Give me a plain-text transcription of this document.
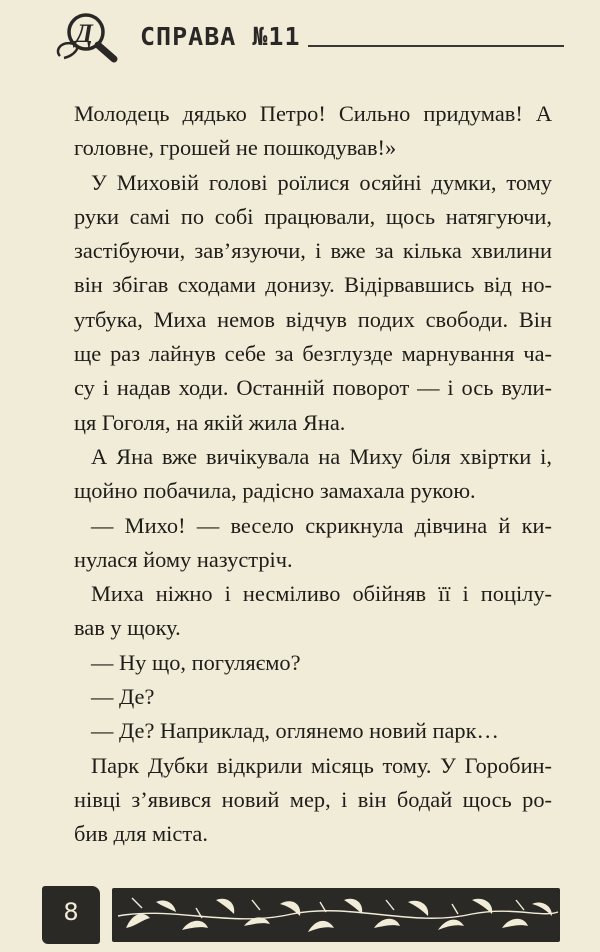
Д СПРАВА №11
Молодець дядько Петро! Сильно придумав! А
головне, грошей не пошкодував!»
У Миховій голові роїлися осяйні думки, тому
руки самі по собі працювали, щось натягуючи,
застібуючи, зав’язуючи, і вже за кілька хвилини
він збігав сходами донизу. Відірвавшись від но-
утбука, Миха немов відчув подих свободи. Він
ще раз лайнув себе за безглузде марнування ча-
су і надав ходи. Останній поворот — і ось вули-
ця Гоголя, на якій жила Яна.
А Яна вже вичікувала на Миху біля хвіртки і,
щойно побачила, радісно замахала рукою.
— Михо! — весело скрикнула дівчина й ки-
нулася йому назустріч.
Миха ніжно і несміливо обійняв її і поцілу-
вав у щоку.
— Ну що, погуляємо?
— Де?
— Де? Наприклад, оглянемо новий парк…
Парк Дубки відкрили місяць тому. У Горобин-
нівці з’явився новий мер, і він бодай щось ро-
бив для міста.
8
